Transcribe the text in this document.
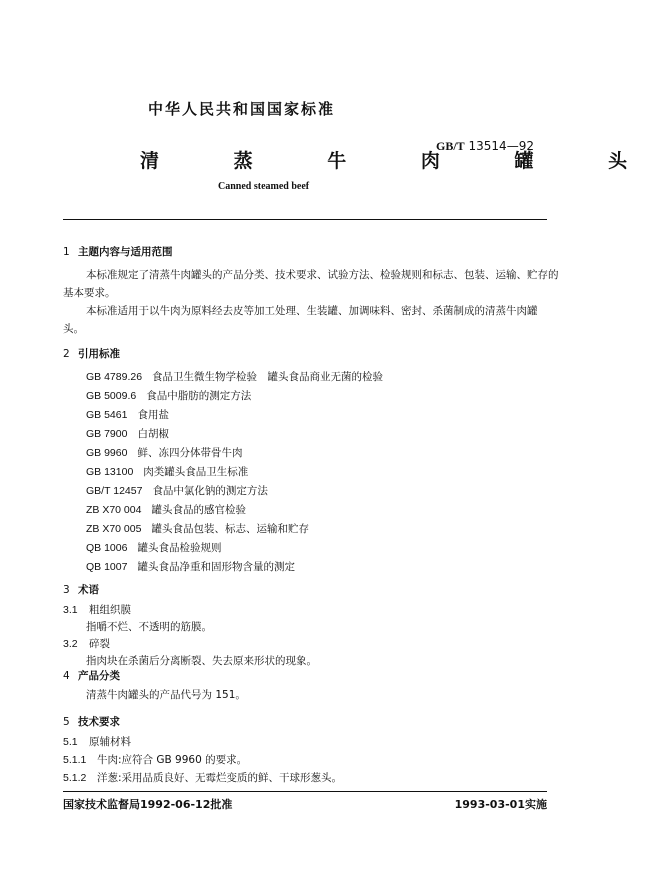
中华人民共和国国家标准
清 蒸 牛 肉 罐 头
GB/T 13514—92
Canned steamed beef
1 主题内容与适用范围
本标准规定了清蒸牛肉罐头的产品分类、技术要求、试验方法、检验规则和标志、包装、运输、贮存的
基本要求。
本标准适用于以牛肉为原料经去皮等加工处理、生装罐、加调味料、密封、杀菌制成的清蒸牛肉罐
头。
2 引用标准
GB 4789.26 食品卫生微生物学检验　罐头食品商业无菌的检验
GB 5009.6 食品中脂肪的测定方法
GB 5461 食用盐
GB 7900 白胡椒
GB 9960 鲜、冻四分体带骨牛肉
GB 13100 肉类罐头食品卫生标准
GB/T 12457 食品中氯化钠的测定方法
ZB X70 004 罐头食品的感官检验
ZB X70 005 罐头食品包装、标志、运输和贮存
QB 1006 罐头食品检验规则
QB 1007 罐头食品净重和固形物含量的测定
3 术语
3.1 粗组织膜
指嚼不烂、不透明的筋膜。
3.2 碎裂
指肉块在杀菌后分离断裂、失去原来形状的现象。
4 产品分类
清蒸牛肉罐头的产品代号为 151。
5 技术要求
5.1 原辅材料
5.1.1 牛肉:应符合 GB 9960 的要求。
国家技术监督局1992-06-12批准	1993-03-01实施
5.1.2 洋葱:采用品质良好、无霉烂变质的鲜、干球形葱头。
